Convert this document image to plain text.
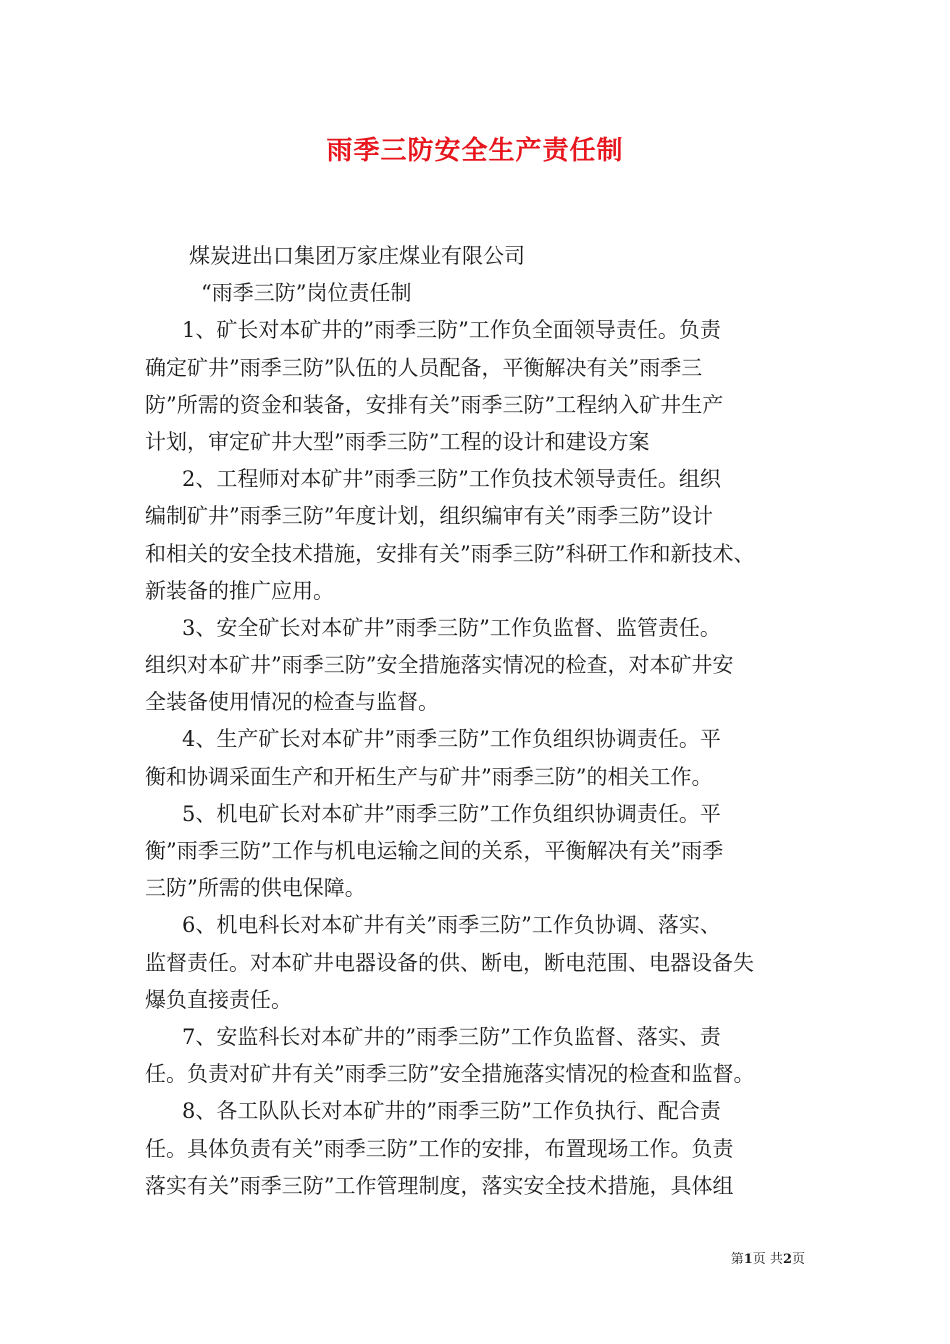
雨季三防安全生产责任制

煤炭进出口集团万家庄煤业有限公司

“雨季三防”岗位责任制

1、矿长对本矿井的”雨季三防”工作负全面领导责任。负责

确定矿井”雨季三防”队伍的人员配备，平衡解决有关”雨季三

防”所需的资金和装备，安排有关”雨季三防”工程纳入矿井生产

计划，审定矿井大型”雨季三防”工程的设计和建设方案

2、工程师对本矿井”雨季三防”工作负技术领导责任。组织

编制矿井”雨季三防”年度计划，组织编审有关”雨季三防”设计

和相关的安全技术措施，安排有关”雨季三防”科研工作和新技术、

新装备的推广应用。

3、安全矿长对本矿井”雨季三防”工作负监督、监管责任。

组织对本矿井”雨季三防”安全措施落实情况的检查，对本矿井安

全装备使用情况的检查与监督。

4、生产矿长对本矿井”雨季三防”工作负组织协调责任。平

衡和协调采面生产和开柘生产与矿井”雨季三防”的相关工作。

5、机电矿长对本矿井”雨季三防”工作负组织协调责任。平

衡”雨季三防”工作与机电运输之间的关系，平衡解决有关”雨季

三防”所需的供电保障。

6、机电科长对本矿井有关”雨季三防”工作负协调、落实、

监督责任。对本矿井电器设备的供、断电，断电范围、电器设备失

爆负直接责任。

7、安监科长对本矿井的”雨季三防”工作负监督、落实、责

任。负责对矿井有关”雨季三防”安全措施落实情况的检查和监督。

8、各工队队长对本矿井的”雨季三防”工作负执行、配合责

任。具体负责有关”雨季三防”工作的安排，布置现场工作。负责

落实有关”雨季三防”工作管理制度，落实安全技术措施，具体组

第1页 共2页
